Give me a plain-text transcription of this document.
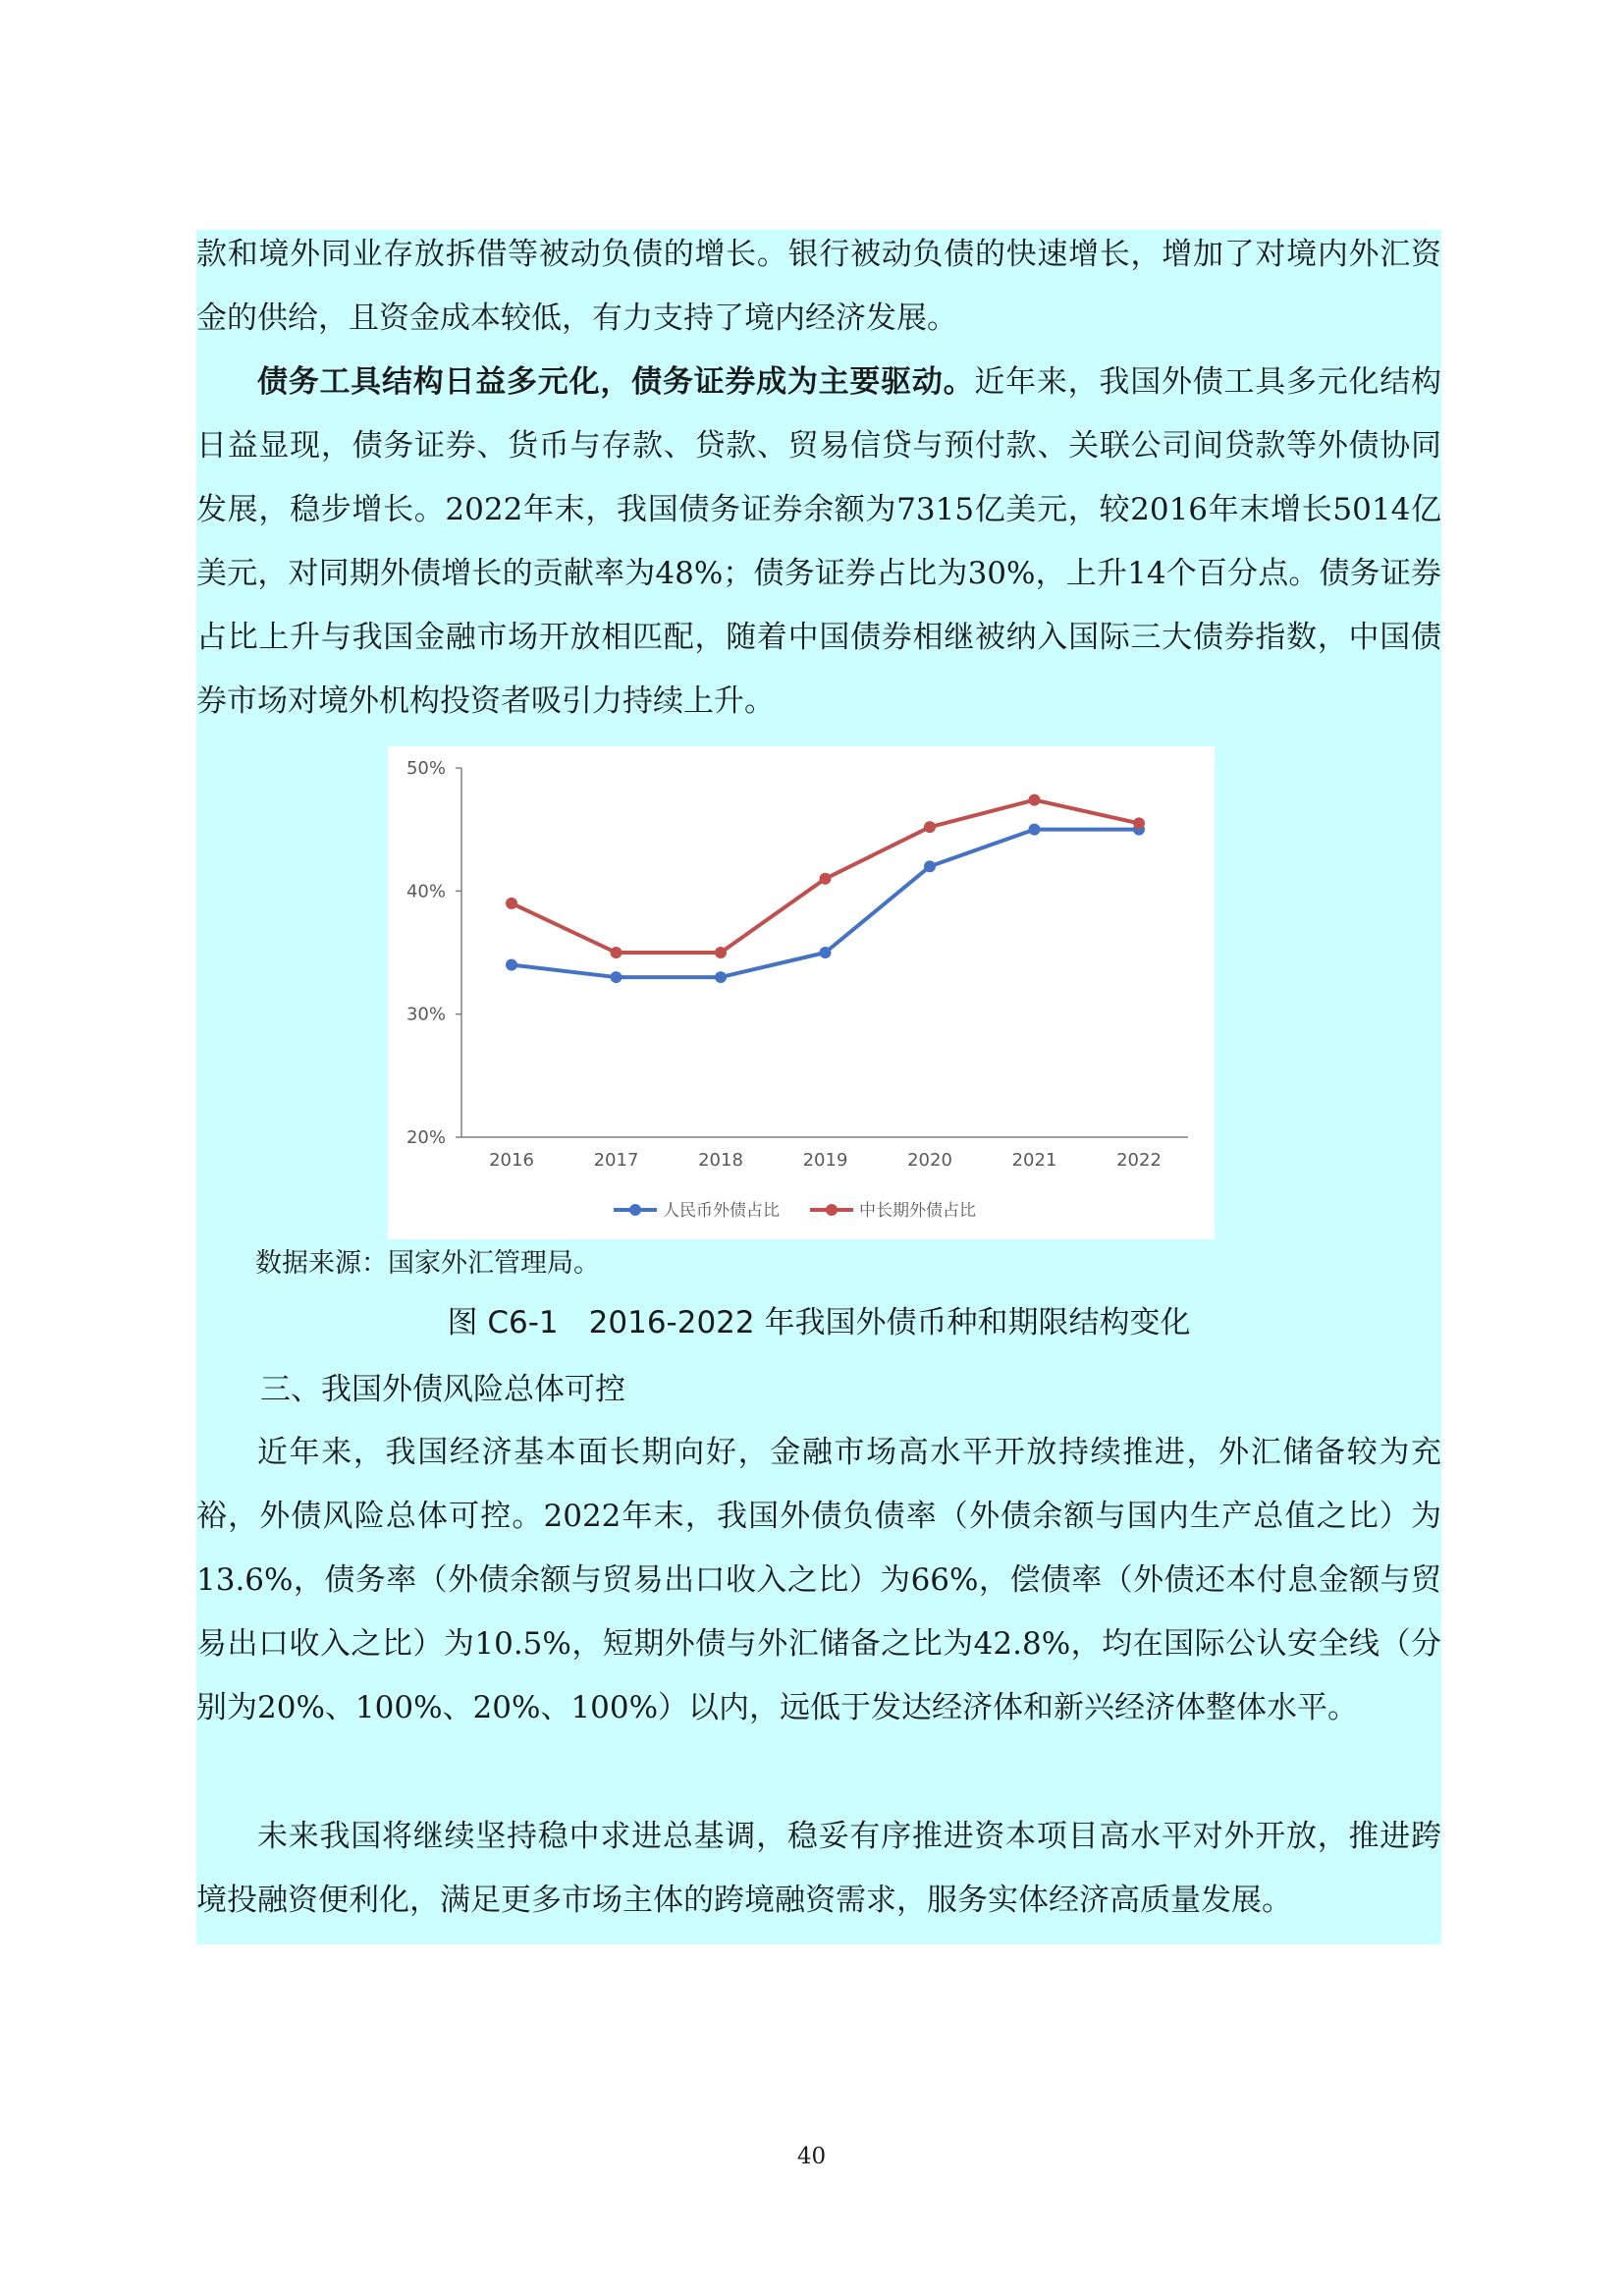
款和境外同业存放拆借等被动负债的增长。银行被动负债的快速增长，增加了对境内外汇资金的供给，且资金成本较低，有力支持了境内经济发展。

债务工具结构日益多元化，债务证券成为主要驱动。近年来，我国外债工具多元化结构日益显现，债务证券、货币与存款、贷款、贸易信贷与预付款、关联公司间贷款等外债协同发展，稳步增长。2022年末，我国债务证券余额为7315亿美元，较2016年末增长5014亿美元，对同期外债增长的贡献率为48%；债务证券占比为30%，上升14个百分点。债务证券占比上升与我国金融市场开放相匹配，随着中国债券相继被纳入国际三大债券指数，中国债券市场对境外机构投资者吸引力持续上升。

20%
30%
40%
50%
2016	2017	2018	2019	2020	2021	2022
人民币外债占比	中长期外债占比
数据来源：国家外汇管理局。
图 C6-1　2016-2022 年我国外债币种和期限结构变化
三、我国外债风险总体可控

近年来，我国经济基本面长期向好，金融市场高水平开放持续推进，外汇储备较为充裕，外债风险总体可控。2022年末，我国外债负债率（外债余额与国内生产总值之比）为13.6%，债务率（外债余额与贸易出口收入之比）为66%，偿债率（外债还本付息金额与贸易出口收入之比）为10.5%，短期外债与外汇储备之比为42.8%，均在国际公认安全线（分别为20%、100%、20%、100%）以内，远低于发达经济体和新兴经济体整体水平。

未来我国将继续坚持稳中求进总基调，稳妥有序推进资本项目高水平对外开放，推进跨境投融资便利化，满足更多市场主体的跨境融资需求，服务实体经济高质量发展。

40
